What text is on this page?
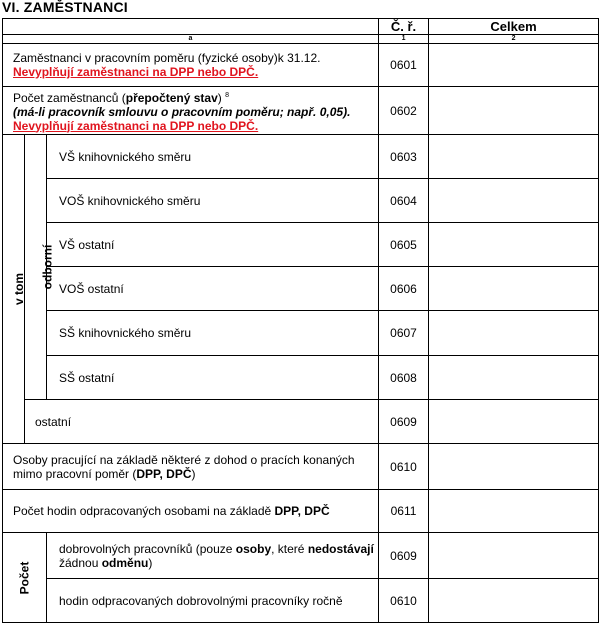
VI. ZAMĚSTNANCI
			Č. ř.	Celkem
a			1	2
Zaměstnanci v pracovním poměru (fyzické osoby)k 31.12.
Nevyplňují zaměstnanci na DPP nebo DPČ.			0601	
Počet zaměstnanců (přepočtený stav) $^8$
(má-li pracovník smlouvu o pracovním poměru; např. 0,05). Nevyplňují zaměstnanci na DPP nebo DPČ.			0602	
v tom	odborní	VŠ knihovnického směru	0603	
		VOŠ knihovnického směru	0604	
		VŠ ostatní	0605	
		VOŠ ostatní	0606	
		SŠ knihovnického směru	0607	
		SŠ ostatní	0608	
	ostatní		0609	
Osoby pracující na základě některé z dohod o pracích konaných mimo pracovní poměr (DPP, DPČ)			0610	
Počet hodin odpracovaných osobami na základě DPP, DPČ			0611	
Počet		dobrovolných pracovníků (pouze osoby, které nedostávají žádnou odměnu)	0609	
		hodin odpracovaných dobrovolnými pracovníky ročně	0610	
